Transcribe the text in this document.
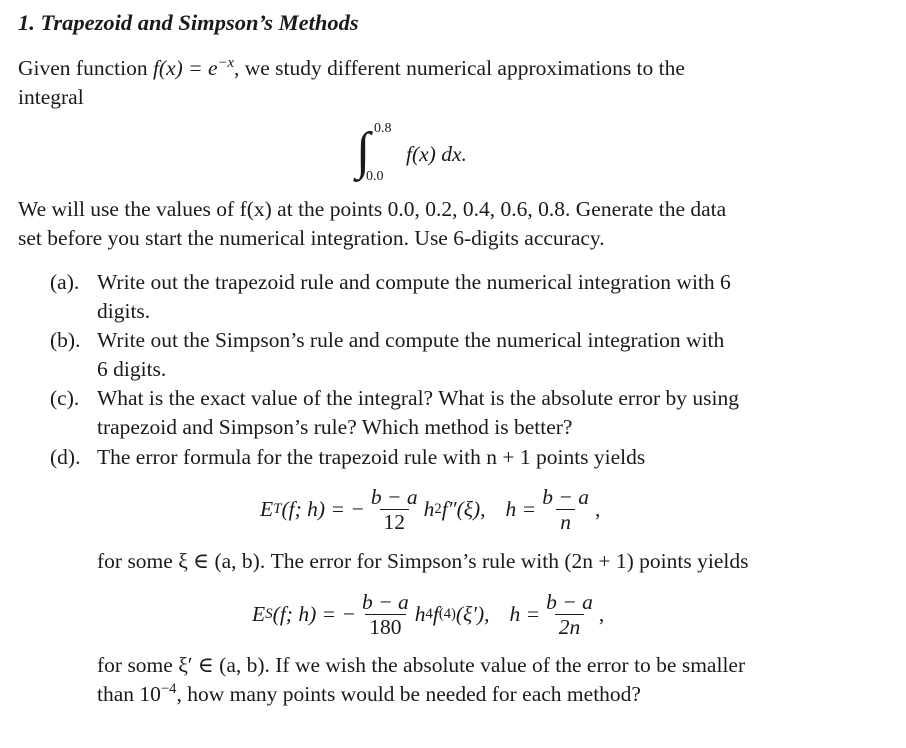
1. Trapezoid and Simpson’s Methods
Given function $f(x) = e^{-x}$, we study different numerical approximations to the
integral
∫ 0.8
0.0
f(x) dx.
We will use the values of f(x) at the points 0.0, 0.2, 0.4, 0.6, 0.8. Generate the data
set before you start the numerical integration. Use 6-digits accuracy.
(a). Write out the trapezoid rule and compute the numerical integration with 6
digits.
(b). Write out the Simpson’s rule and compute the numerical integration with
6 digits.
(c). What is the exact value of the integral? What is the absolute error by using
trapezoid and Simpson’s rule? Which method is better?
(d). The error formula for the trapezoid rule with n + 1 points yields
E T (f; h) = − $\frac{b - a}{12}$ h 2 f″(ξ), $h = \frac{b - a}{n}$ ,
for some ξ ∈ (a, b). The error for Simpson’s rule with (2n + 1) points yields
E S (f; h) = − $\frac{b - a}{180}$ h 4 f (4) (ξ′), $h = \frac{b - a}{2n}$ ,
for some ξ′ ∈ (a, b). If we wish the absolute value of the error to be smaller
than $10^{-4}$, how many points would be needed for each method?
